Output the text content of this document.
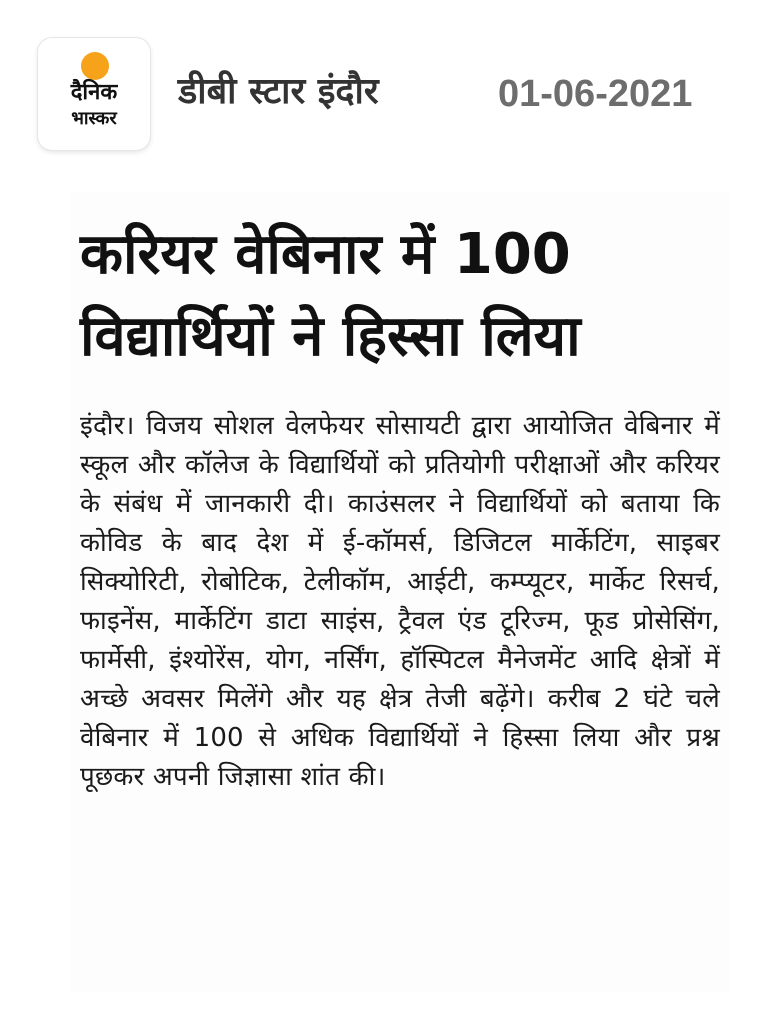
दैनिक
भास्कर
डीबी स्टार इंदौर	01-06-2021
करियर वेबिनार में 100
विद्यार्थियों ने हिस्सा लिया
इंदौर। विजय सोशल वेलफेयर सोसायटी द्वारा आयोजित वेबिनार में स्कूल और कॉलेज के विद्यार्थियों को प्रतियोगी परीक्षाओं और करियर के संबंध में जानकारी दी। काउंसलर ने विद्यार्थियों को बताया कि कोविड के बाद देश में ई-कॉमर्स, डिजिटल मार्केटिंग, साइबर सिक्योरिटी, रोबोटिक, टेलीकॉम, आईटी, कम्प्यूटर, मार्केट रिसर्च, फाइनेंस, मार्केटिंग डाटा साइंस, ट्रैवल एंड टूरिज्म, फूड प्रोसेसिंग, फार्मेसी, इंश्योरेंस, योग, नर्सिंग, हॉस्पिटल मैनेजमेंट आदि क्षेत्रों में अच्छे अवसर मिलेंगे और यह क्षेत्र तेजी बढ़ेंगे। करीब 2 घंटे चले वेबिनार में 100 से अधिक विद्यार्थियों ने हिस्सा लिया और प्रश्न पूछकर अपनी जिज्ञासा शांत की।
